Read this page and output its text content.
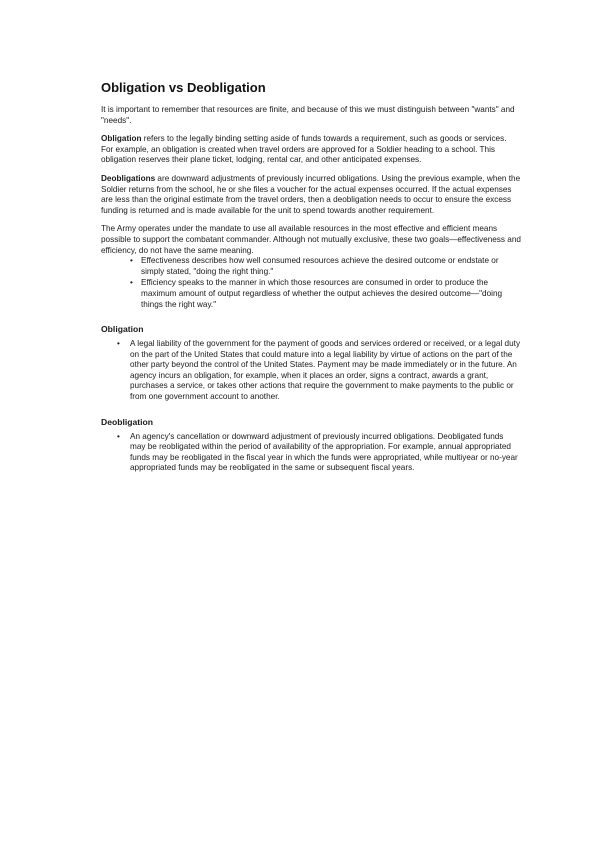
Obligation vs Deobligation

It is important to remember that resources are finite, and because of this we must distinguish between "wants" and "needs".

Obligation refers to the legally binding setting aside of funds towards a requirement, such as goods or services. For example, an obligation is created when travel orders are approved for a Soldier heading to a school. This obligation reserves their plane ticket, lodging, rental car, and other anticipated expenses.

Deobligations are downward adjustments of previously incurred obligations. Using the previous example, when the Soldier returns from the school, he or she files a voucher for the actual expenses occurred. If the actual expenses are less than the original estimate from the travel orders, then a deobligation needs to occur to ensure the excess funding is returned and is made available for the unit to spend towards another requirement.

The Army operates under the mandate to use all available resources in the most effective and efficient means possible to support the combatant commander. Although not mutually exclusive, these two goals—effectiveness and efficiency, do not have the same meaning.

• Effectiveness describes how well consumed resources achieve the desired outcome or endstate or simply stated, "doing the right thing."
• Efficiency speaks to the manner in which those resources are consumed in order to produce the maximum amount of output regardless of whether the output achieves the desired outcome—"doing things the right way."
Obligation
• A legal liability of the government for the payment of goods and services ordered or received, or a legal duty on the part of the United States that could mature into a legal liability by virtue of actions on the part of the other party beyond the control of the United States. Payment may be made immediately or in the future. An agency incurs an obligation, for example, when it places an order, signs a contract, awards a grant, purchases a service, or takes other actions that require the government to make payments to the public or from one government account to another.
Deobligation
• An agency's cancellation or downward adjustment of previously incurred obligations. Deobligated funds may be reobligated within the period of availability of the appropriation. For example, annual appropriated funds may be reobligated in the fiscal year in which the funds were appropriated, while multiyear or no-year appropriated funds may be reobligated in the same or subsequent fiscal years.
